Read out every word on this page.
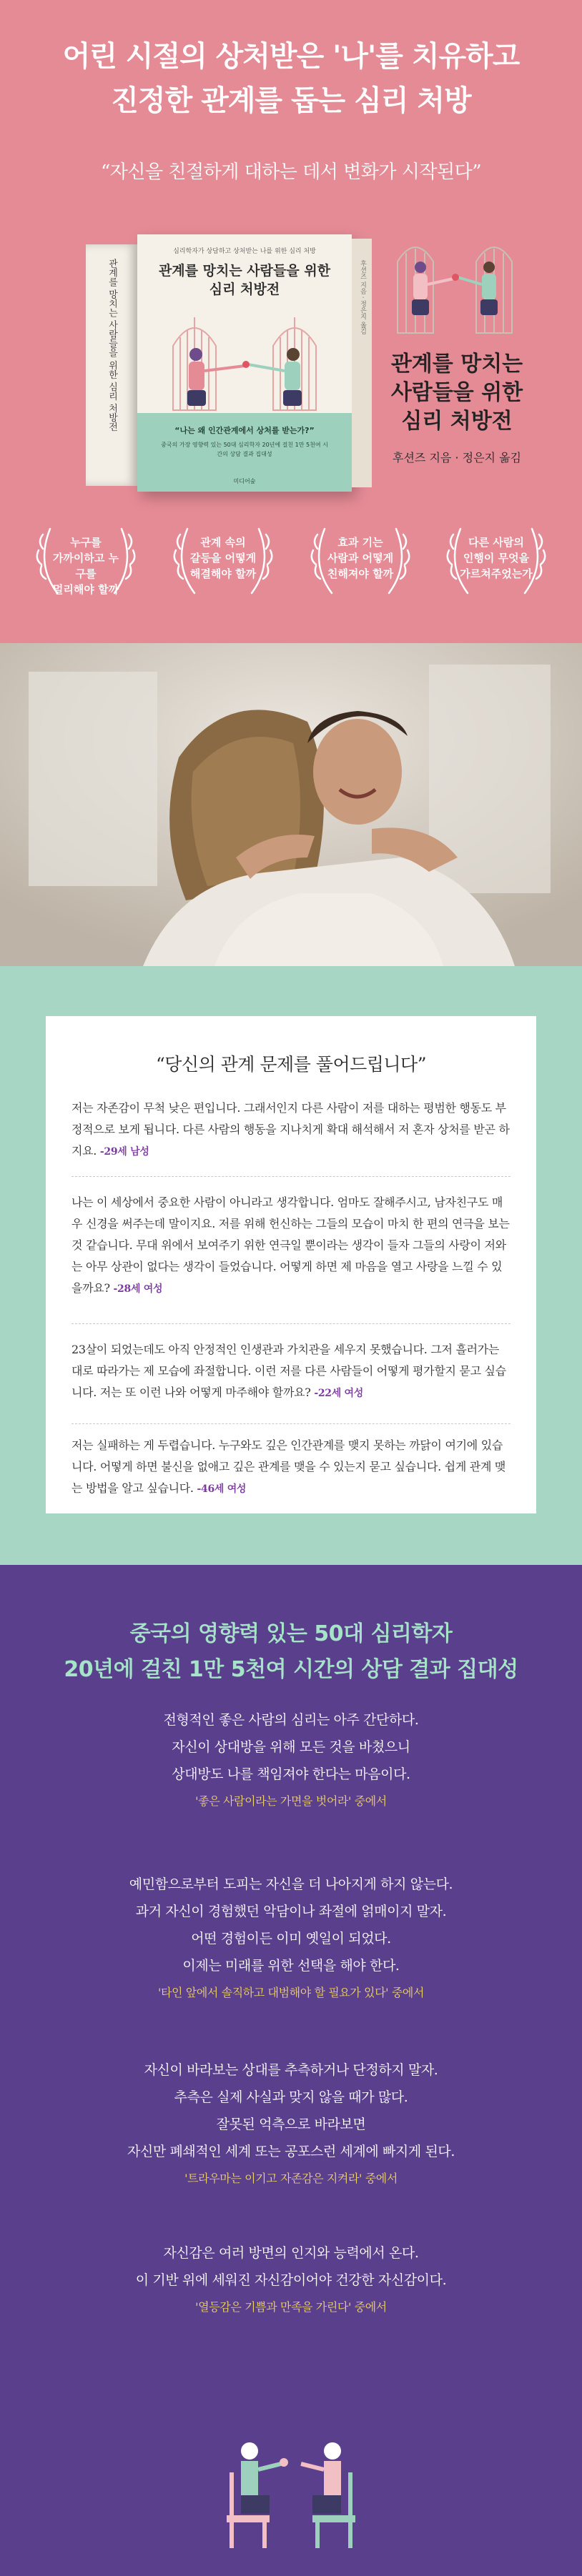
어린 시절의 상처받은 '나'를 치유하고
진정한 관계를 돕는 심리 처방
“자신을 친절하게 대하는 데서 변화가 시작된다”
관계를 망치는 사람들을 위한 심리 처방전
심리학자가 상담하고 상처받는 나를 위한 심리 처방
관계를 망치는 사람들을 위한
심리 처방전
“나는 왜 인간관계에서 상처를 받는가?”
중국의 가장 영향력 있는 50대 심리학자 20년에 걸친 1만 5천여 시간의 상담 결과 집대성
미디어숲
후션즈 지음 · 정은지 옮김
관계를 망치는
사람들을 위한
심리 처방전
후션즈 지음 · 정은지 옮김
누구를
가까이하고 누구를
멀리해야 할까
관계 속의
갈등을 어떻게
해결해야 할까
효과 기는
사람과 어떻게
친해져야 할까
다른 사람의
인행이 무엇을
가르쳐주었는가
“당신의 관계 문제를 풀어드립니다”
저는 자존감이 무척 낮은 편입니다. 그래서인지 다른 사람이 저를 대하는 평범한 행동도 부정적으로 보게 됩니다. 다른 사람의 행동을 지나치게 확대 해석해서 저 혼자 상처를 받곤 하지요. -29세 남성
나는 이 세상에서 중요한 사람이 아니라고 생각합니다. 엄마도 잘해주시고, 남자친구도 매우 신경을 써주는데 말이지요. 저를 위해 헌신하는 그들의 모습이 마치 한 편의 연극을 보는 것 같습니다. 무대 위에서 보여주기 위한 연극일 뿐이라는 생각이 들자 그들의 사랑이 저와는 아무 상관이 없다는 생각이 들었습니다. 어떻게 하면 제 마음을 열고 사랑을 느낄 수 있을까요? -28세 여성
23살이 되었는데도 아직 안정적인 인생관과 가치관을 세우지 못했습니다. 그저 흘러가는 대로 따라가는 제 모습에 좌절합니다. 이런 저를 다른 사람들이 어떻게 평가할지 묻고 싶습니다. 저는 또 이런 나와 어떻게 마주해야 할까요? -22세 여성
저는 실패하는 게 두렵습니다. 누구와도 깊은 인간관계를 맺지 못하는 까닭이 여기에 있습니다. 어떻게 하면 불신을 없애고 깊은 관계를 맺을 수 있는지 묻고 싶습니다. 쉽게 관계 맺는 방법을 알고 싶습니다. -46세 여성
중국의 영향력 있는 50대 심리학자
20년에 걸친 1만 5천여 시간의 상담 결과 집대성
전형적인 좋은 사람의 심리는 아주 간단하다.
자신이 상대방을 위해 모든 것을 바쳤으니
상대방도 나를 책임져야 한다는 마음이다.
'좋은 사람이라는 가면을 벗어라' 중에서
예민함으로부터 도피는 자신을 더 나아지게 하지 않는다.
과거 자신이 경험했던 악담이나 좌절에 얽매이지 말자.
어떤 경험이든 이미 옛일이 되었다.
이제는 미래를 위한 선택을 해야 한다.
'타인 앞에서 솔직하고 대범해야 할 필요가 있다' 중에서
자신이 바라보는 상대를 추측하거나 단정하지 말자.
추측은 실제 사실과 맞지 않을 때가 많다.
잘못된 억측으로 바라보면
자신만 폐쇄적인 세계 또는 공포스런 세계에 빠지게 된다.
'트라우마는 이기고 자존감은 지켜라' 중에서
자신감은 여러 방면의 인지와 능력에서 온다.
이 기반 위에 세워진 자신감이어야 건강한 자신감이다.
'열등감은 기쁨과 만족을 가린다' 중에서
